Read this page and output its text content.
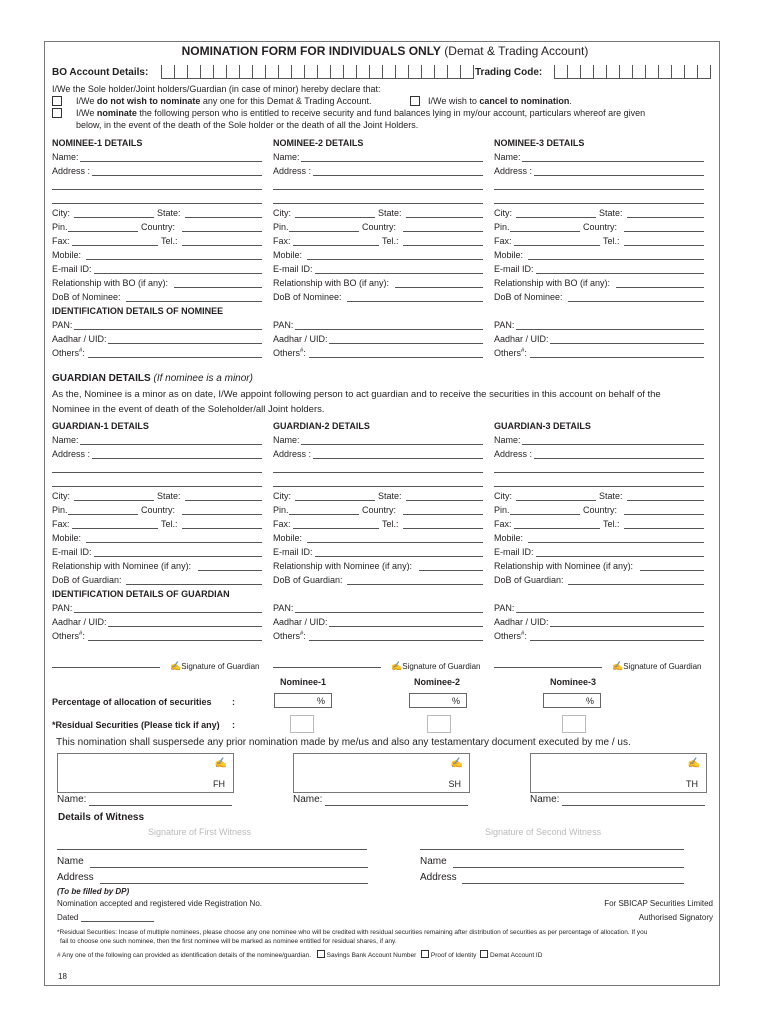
NOMINATION FORM FOR INDIVIDUALS ONLY (Demat & Trading Account)
BO Account Details:	Trading Code:
I/We the Sole holder/Joint holders/Guardian (in case of minor) hereby declare that:
I/We do not wish to nominate any one for this Demat & Trading Account.	I/We wish to cancel to nomination.
I/We nominate the following person who is entitled to receive security and fund balances lying in my/our account, particulars whereof are given
below, in the event of the death of the Sole holder or the death of all the Joint Holders.
NOMINEE-1 DETAILS
Name:
Address :
City:	State:
Pin.	Country:
Fax:	Tel.:
Mobile:
E-mail ID:
Relationship with BO (if any):
DoB of Nominee:
IDENTIFICATION DETAILS OF NOMINEE
PAN:
Aadhar / UID:
Others#:
NOMINEE-2 DETAILS
Name:
Address :
City:	State:
Pin.	Country:
Fax:	Tel.:
Mobile:
E-mail ID:
Relationship with BO (if any):
DoB of Nominee:
PAN:
Aadhar / UID:
Others#:
NOMINEE-3 DETAILS
Name:
Address :
City:	State:
Pin.	Country:
Fax:	Tel.:
Mobile:
E-mail ID:
Relationship with BO (if any):
DoB of Nominee:
PAN:
Aadhar / UID:
Others#:
GUARDIAN DETAILS (If nominee is a minor)
As the, Nominee is a minor as on date, I/We appoint following person to act guardian and to receive the securities in this account on behalf of the
Nominee in the event of death of the Soleholder/all Joint holders.
GUARDIAN-1 DETAILS
Name:
Address :
City:	State:
Pin.	Country:
Fax:	Tel.:
Mobile:
E-mail ID:
Relationship with Nominee (if any):
DoB of Guardian:
IDENTIFICATION DETAILS OF GUARDIAN
PAN:
Aadhar / UID:
Others#:
GUARDIAN-2 DETAILS
Name:
Address :
City:	State:
Pin.	Country:
Fax:	Tel.:
Mobile:
E-mail ID:
Relationship with Nominee (if any):
DoB of Guardian:
PAN:
Aadhar / UID:
Others#:
GUARDIAN-3 DETAILS
Name:
Address :
City:	State:
Pin.	Country:
Fax:	Tel.:
Mobile:
E-mail ID:
Relationship with Nominee (if any):
DoB of Guardian:
PAN:
Aadhar / UID:
Others#:
✍Signature of Guardian	✍Signature of Guardian	✍Signature of Guardian
Nominee-1	Nominee-2	Nominee-3
Percentage of allocation of securities :	%	%	%
*Residual Securities (Please tick if any) :
This nomination shall suspersede any prior nomination made by me/us and also any testamentary document executed by me / us.
✍
FH
✍
SH
✍
TH
Name:	Name:	Name:
Details of Witness
Signature of First Witness	Signature of Second Witness
Name	Name
Address	Address
(To be filled by DP)
Nomination accepted and registered vide Registration No.
Dated
For SBICAP Securities Limited
Authorised Signatory
*Residual Securities: Incase of multiple nominees, please choose any one nominee who will be credited with residual securities remaining after distribution of securities as per percentage of allocation. If you
fail to choose one such nominee, then the first nominee will be marked as nominee entitled for residual shares, if any.
# Any one of the following can provided as identification details of the nominee/guardian. Savings Bank Account Number Proof of Identity Demat Account ID
18
